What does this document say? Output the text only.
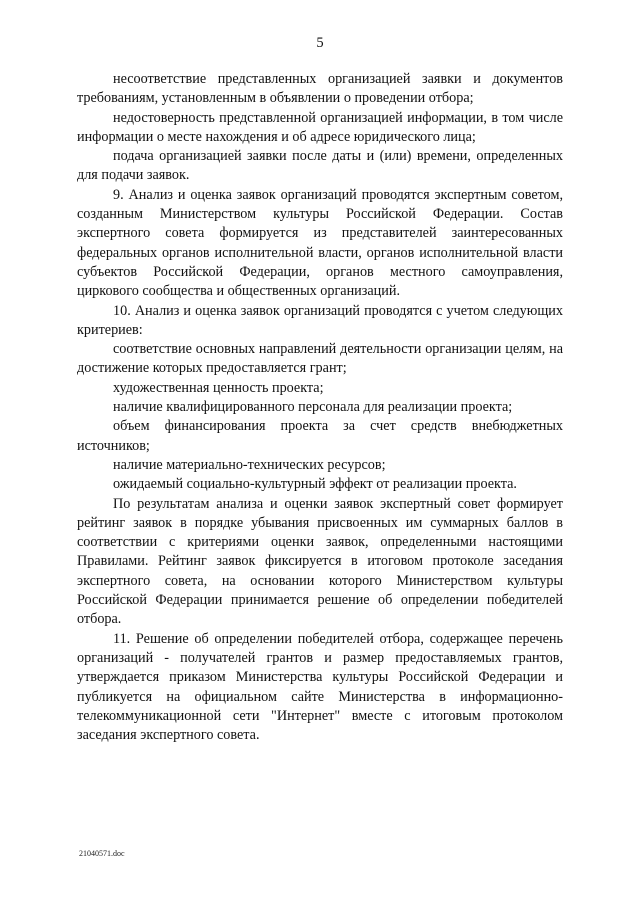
5

несоответствие представленных организацией заявки и документов требованиям, установленным в объявлении о проведении отбора;

недостоверность представленной организацией информации, в том числе информации о месте нахождения и об адресе юридического лица;

подача организацией заявки после даты и (или) времени, определенных для подачи заявок.

9. Анализ и оценка заявок организаций проводятся экспертным советом, созданным Министерством культуры Российской Федерации. Состав экспертного совета формируется из представителей заинтересованных федеральных органов исполнительной власти, органов исполнительной власти субъектов Российской Федерации, органов местного самоуправления, циркового сообщества и общественных организаций.

10. Анализ и оценка заявок организаций проводятся с учетом следующих критериев:

соответствие основных направлений деятельности организации целям, на достижение которых предоставляется грант;

художественная ценность проекта;

наличие квалифицированного персонала для реализации проекта;

объем финансирования проекта за счет средств внебюджетных источников;

наличие материально-технических ресурсов;

ожидаемый социально-культурный эффект от реализации проекта.

По результатам анализа и оценки заявок экспертный совет формирует рейтинг заявок в порядке убывания присвоенных им суммарных баллов в соответствии с критериями оценки заявок, определенными настоящими Правилами. Рейтинг заявок фиксируется в итоговом протоколе заседания экспертного совета, на основании которого Министерством культуры Российской Федерации принимается решение об определении победителей отбора.

11. Решение об определении победителей отбора, содержащее перечень организаций - получателей грантов и размер предоставляемых грантов, утверждается приказом Министерства культуры Российской Федерации и публикуется на официальном сайте Министерства в информационно-телекоммуникационной сети "Интернет" вместе с итоговым протоколом заседания экспертного совета.

21040571.doc
